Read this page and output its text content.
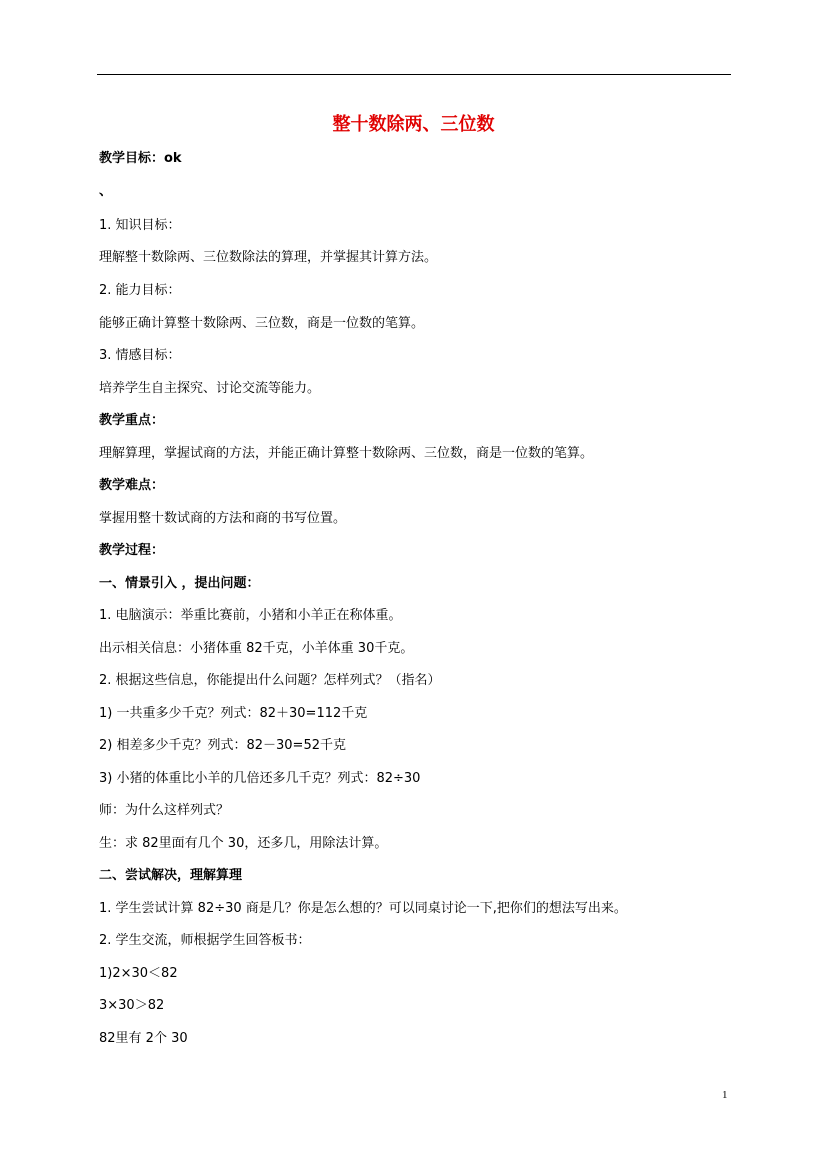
整十数除两、三位数
教学目标：ok
、
1. 知识目标：
理解整十数除两、三位数除法的算理，并掌握其计算方法。
2. 能力目标：
能够正确计算整十数除两、三位数，商是一位数的笔算。
3. 情感目标：
培养学生自主探究、讨论交流等能力。
教学重点：
理解算理，掌握试商的方法，并能正确计算整十数除两、三位数，商是一位数的笔算。
教学难点：
掌握用整十数试商的方法和商的书写位置。
教学过程：
一、情景引入 ，提出问题：
1. 电脑演示：举重比赛前，小猪和小羊正在称体重。
出示相关信息：小猪体重 82千克，小羊体重 30千克。
2. 根据这些信息，你能提出什么问题？怎样列式？（指名）
1) 一共重多少千克？列式：82＋30=112千克
2) 相差多少千克？列式：82－30=52千克
3) 小猪的体重比小羊的几倍还多几千克？列式：82÷30
师：为什么这样列式？
生：求 82里面有几个 30，还多几，用除法计算。
二、尝试解决，理解算理
1. 学生尝试计算 82÷30 商是几？你是怎么想的？可以同桌讨论一下,把你们的想法写出来。
2. 学生交流，师根据学生回答板书：
1)2×30＜82
3×30＞82
82里有 2个 30
1
